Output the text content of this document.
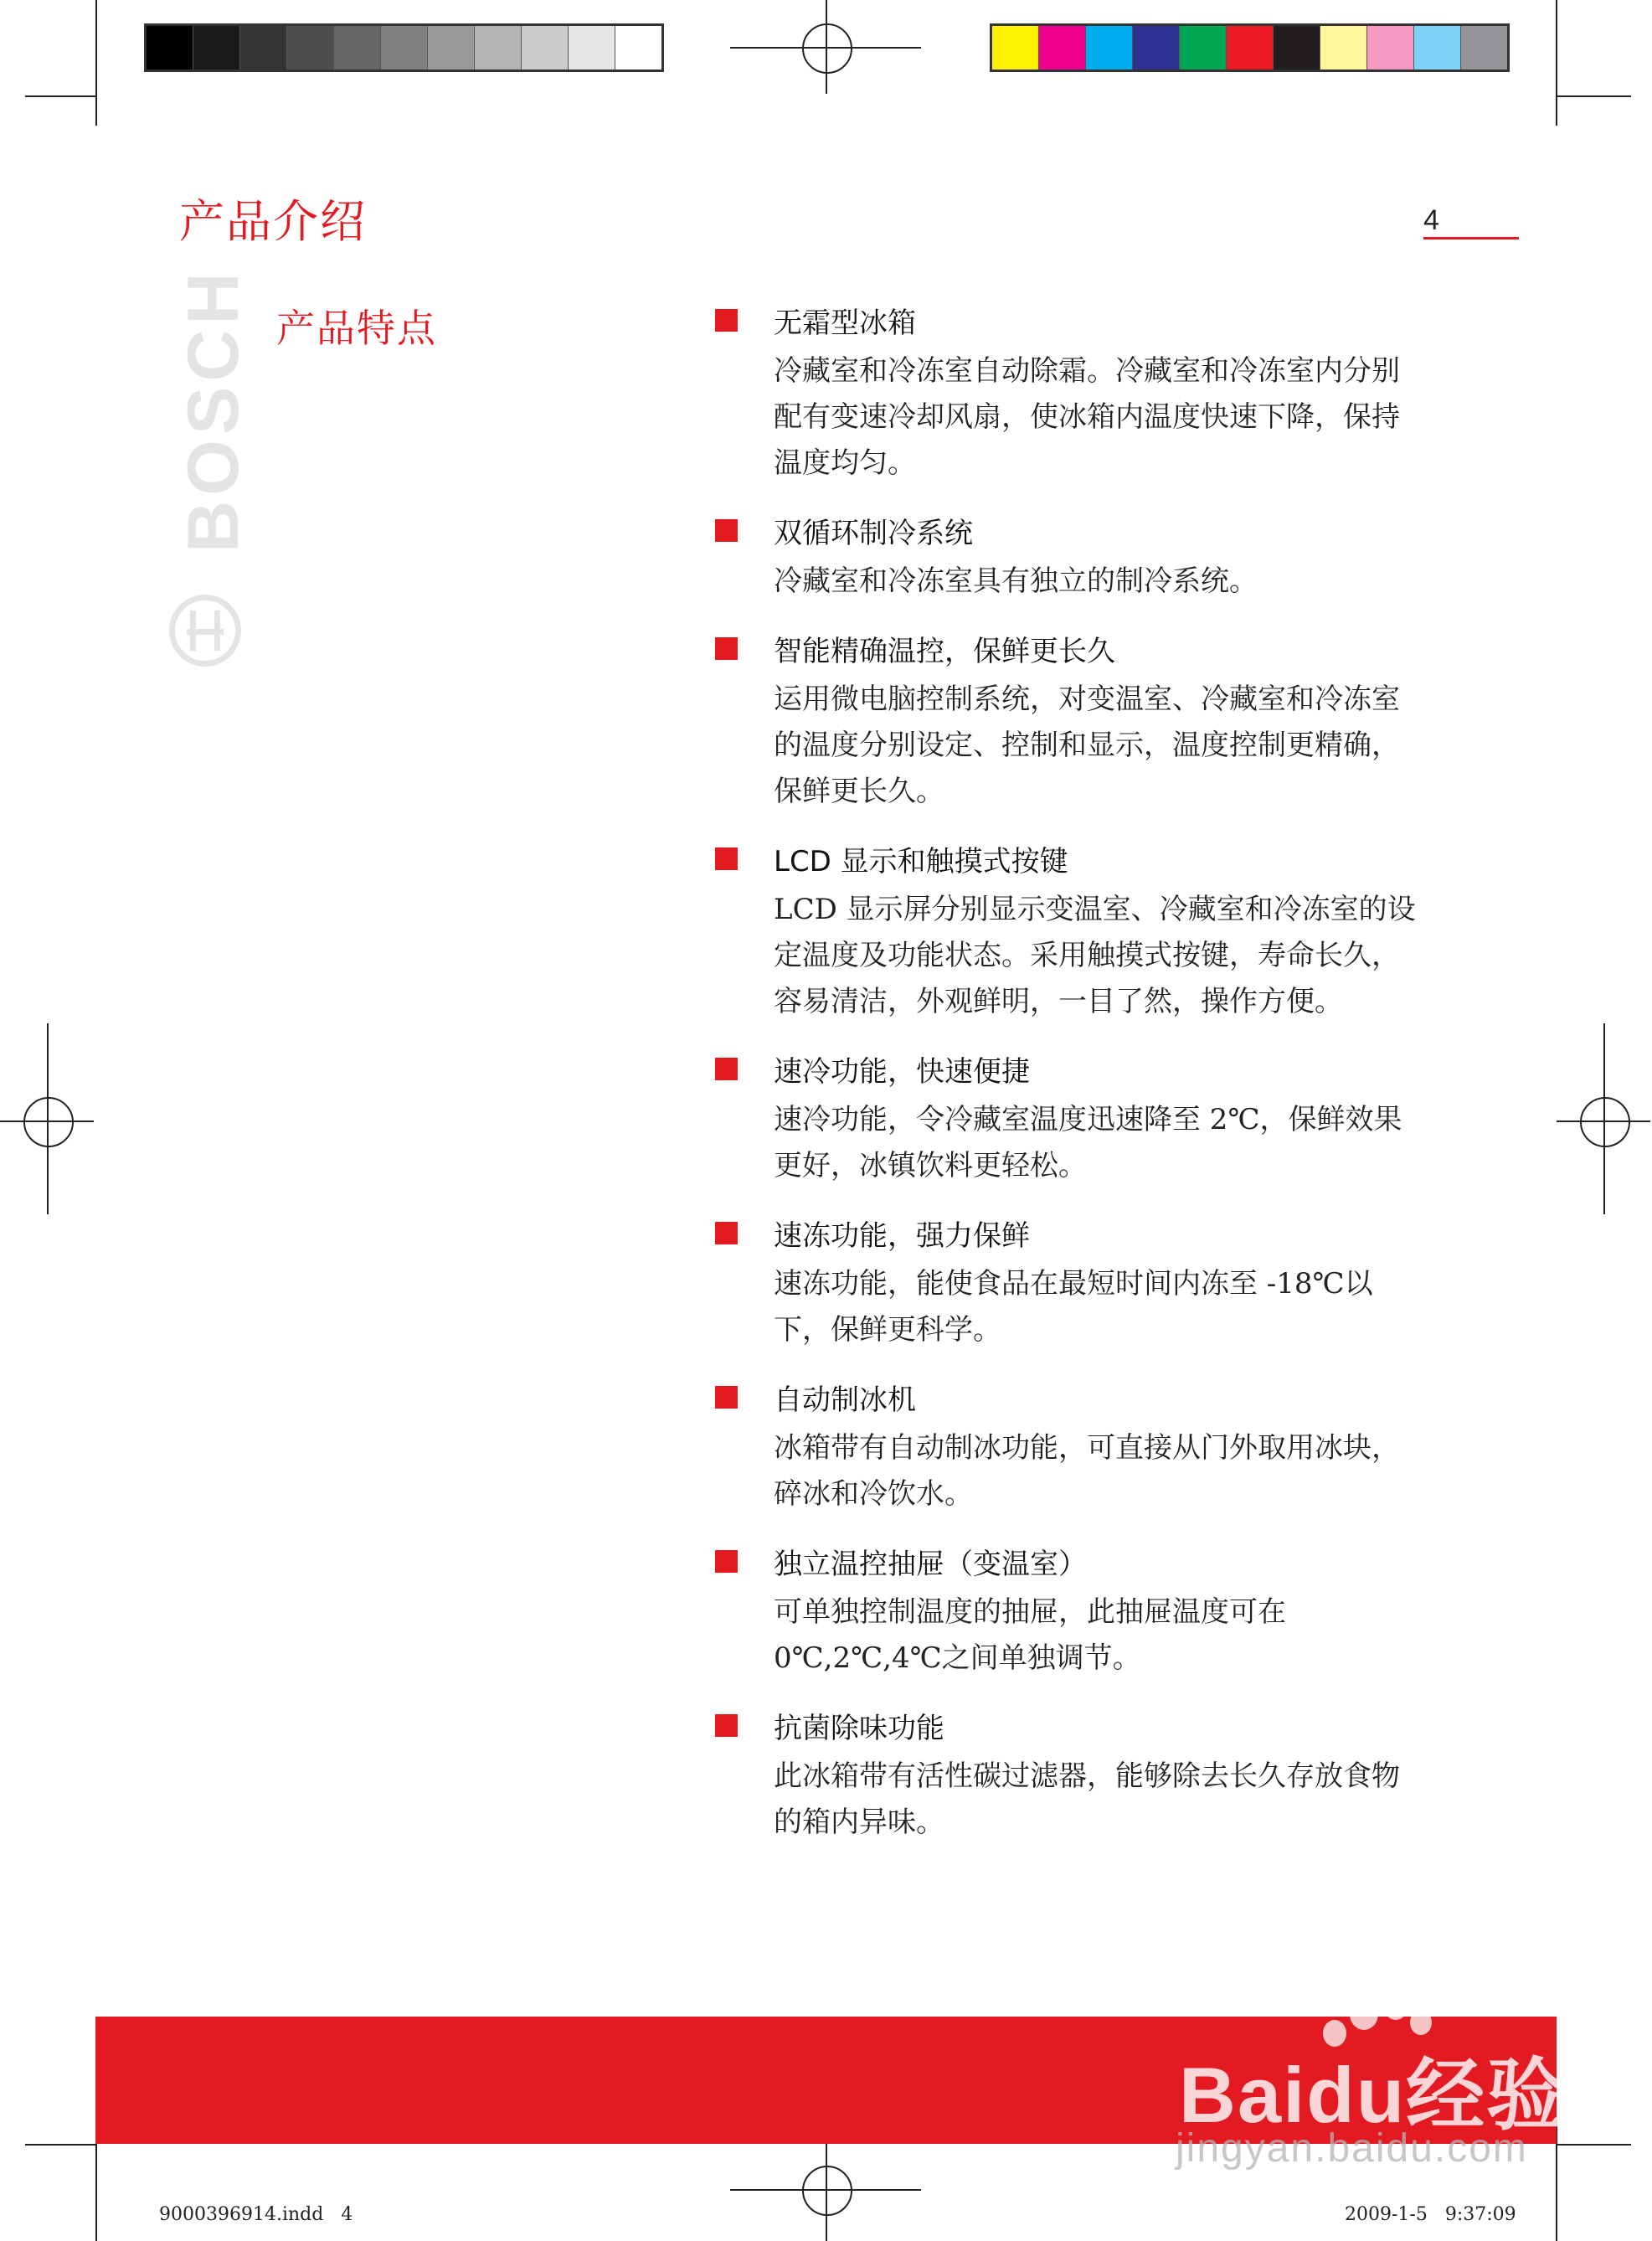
产品介绍	4
产品特点
BOSCH	无霜型冰箱
冷藏室和冷冻室自动除霜。冷藏室和冷冻室内分别配有变速冷却风扇，使冰箱内温度快速下降，保持温度均匀。
双循环制冷系统
冷藏室和冷冻室具有独立的制冷系统。
智能精确温控，保鲜更长久
运用微电脑控制系统，对变温室、冷藏室和冷冻室的温度分别设定、控制和显示，温度控制更精确，保鲜更长久。
LCD 显示和触摸式按键
LCD 显示屏分别显示变温室、冷藏室和冷冻室的设定温度及功能状态。采用触摸式按键，寿命长久，容易清洁，外观鲜明，一目了然，操作方便。
速冷功能，快速便捷
速冷功能，令冷藏室温度迅速降至 2℃，保鲜效果更好，冰镇饮料更轻松。
速冻功能，强力保鲜
速冻功能，能使食品在最短时间内冻至 -18℃以下，保鲜更科学。
自动制冰机
冰箱带有自动制冰功能，可直接从门外取用冰块，碎冰和冷饮水。
独立温控抽屉（变温室）
可单独控制温度的抽屉，此抽屉温度可在 0℃,2℃,4℃之间单独调节。
抗菌除味功能
此冰箱带有活性碳过滤器，能够除去长久存放食物的箱内异味。
Baidu经验
jingyan.baidu.com
9000396914.indd   4	2009-1-5   9:37:09
